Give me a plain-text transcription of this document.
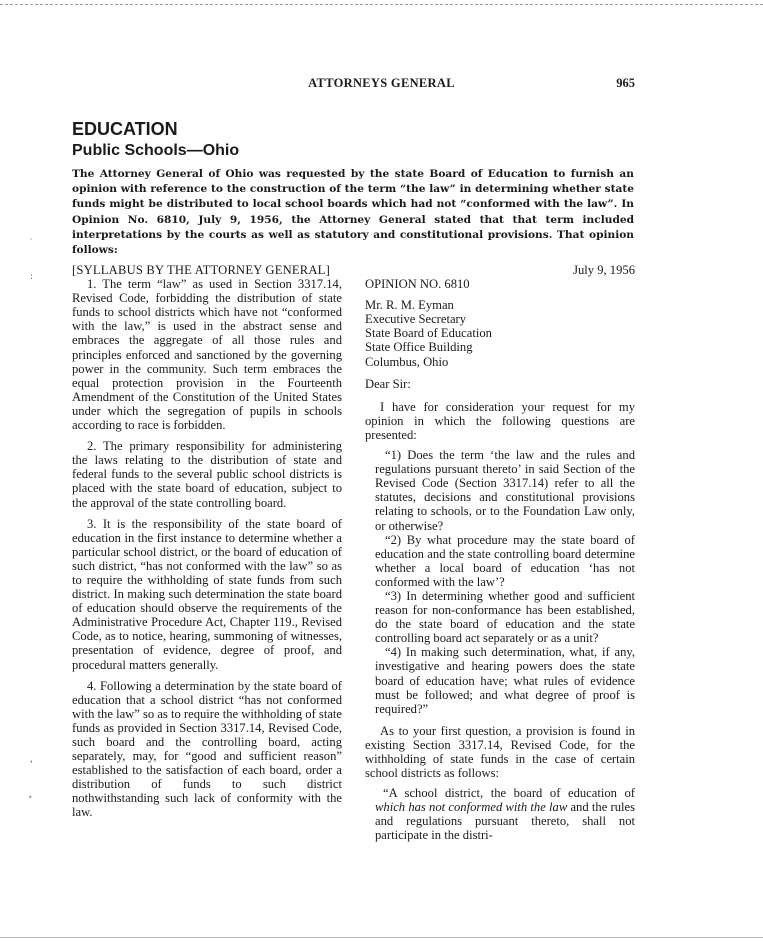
ATTORNEYS GENERAL	965
EDUCATION
Public Schools—Ohio

The Attorney General of Ohio was requested by the state Board of Education to furnish an opinion with reference to the construction of the term “the law” in determining whether state funds might be distributed to local school boards which had not “conformed with the law”. In Opinion No. 6810, July 9, 1956, the Attorney General stated that that term included interpretations by the courts as well as statutory and constitutional provisions. That opinion follows:

[SYLLABUS BY THE ATTORNEY GENERAL]

1. The term “law” as used in Section 3317.14, Revised Code, forbidding the distribution of state funds to school districts which have not “conformed with the law,” is used in the abstract sense and embraces the aggregate of all those rules and principles enforced and sanctioned by the governing power in the community. Such term embraces the equal protection provision in the Fourteenth Amendment of the Constitution of the United States under which the segregation of pupils in schools according to race is forbidden.

2. The primary responsibility for administering the laws relating to the distribution of state and federal funds to the several public school districts is placed with the state board of education, subject to the approval of the state controlling board.

3. It is the responsibility of the state board of education in the first instance to determine whether a particular school district, or the board of education of such district, “has not conformed with the law” so as to require the withholding of state funds from such district. In making such determination the state board of education should observe the requirements of the Administrative Procedure Act, Chapter 119., Revised Code, as to notice, hearing, summoning of witnesses, presentation of evidence, degree of proof, and procedural matters generally.

4. Following a determination by the state board of education that a school district “has not conformed with the law” so as to require the withholding of state funds as provided in Section 3317.14, Revised Code, such board and the controlling board, acting separately, may, for “good and sufficient reason” established to the satisfaction of each board, order a distribution of funds to such district nothwithstanding such lack of conformity with the law.

July 9, 1956

OPINION NO. 6810

Mr. R. M. Eyman

Executive Secretary

State Board of Education

State Office Building

Columbus, Ohio

Dear Sir:

I have for consideration your request for my opinion in which the following questions are presented:

“1) Does the term ‘the law and the rules and regulations pursuant thereto’ in said Section of the Revised Code (Section 3317.14) refer to all the statutes, decisions and constitutional provisions relating to schools, or to the Foundation Law only, or otherwise?

“2) By what procedure may the state board of education and the state controlling board determine whether a local board of education ‘has not conformed with the law’?

“3) In determining whether good and sufficient reason for non-conformance has been established, do the state board of education and the state controlling board act separately or as a unit?

“4) In making such determination, what, if any, investigative and hearing powers does the state board of education have; what rules of evidence must be followed; and what degree of proof is required?”

As to your first question, a provision is found in existing Section 3317.14, Revised Code, for the withholding of state funds in the case of certain school districts as follows:

“A school district, the board of education of which has not conformed with the law and the rules and regulations pursuant thereto, shall not participate in the distri-

′
:
‘
˅
